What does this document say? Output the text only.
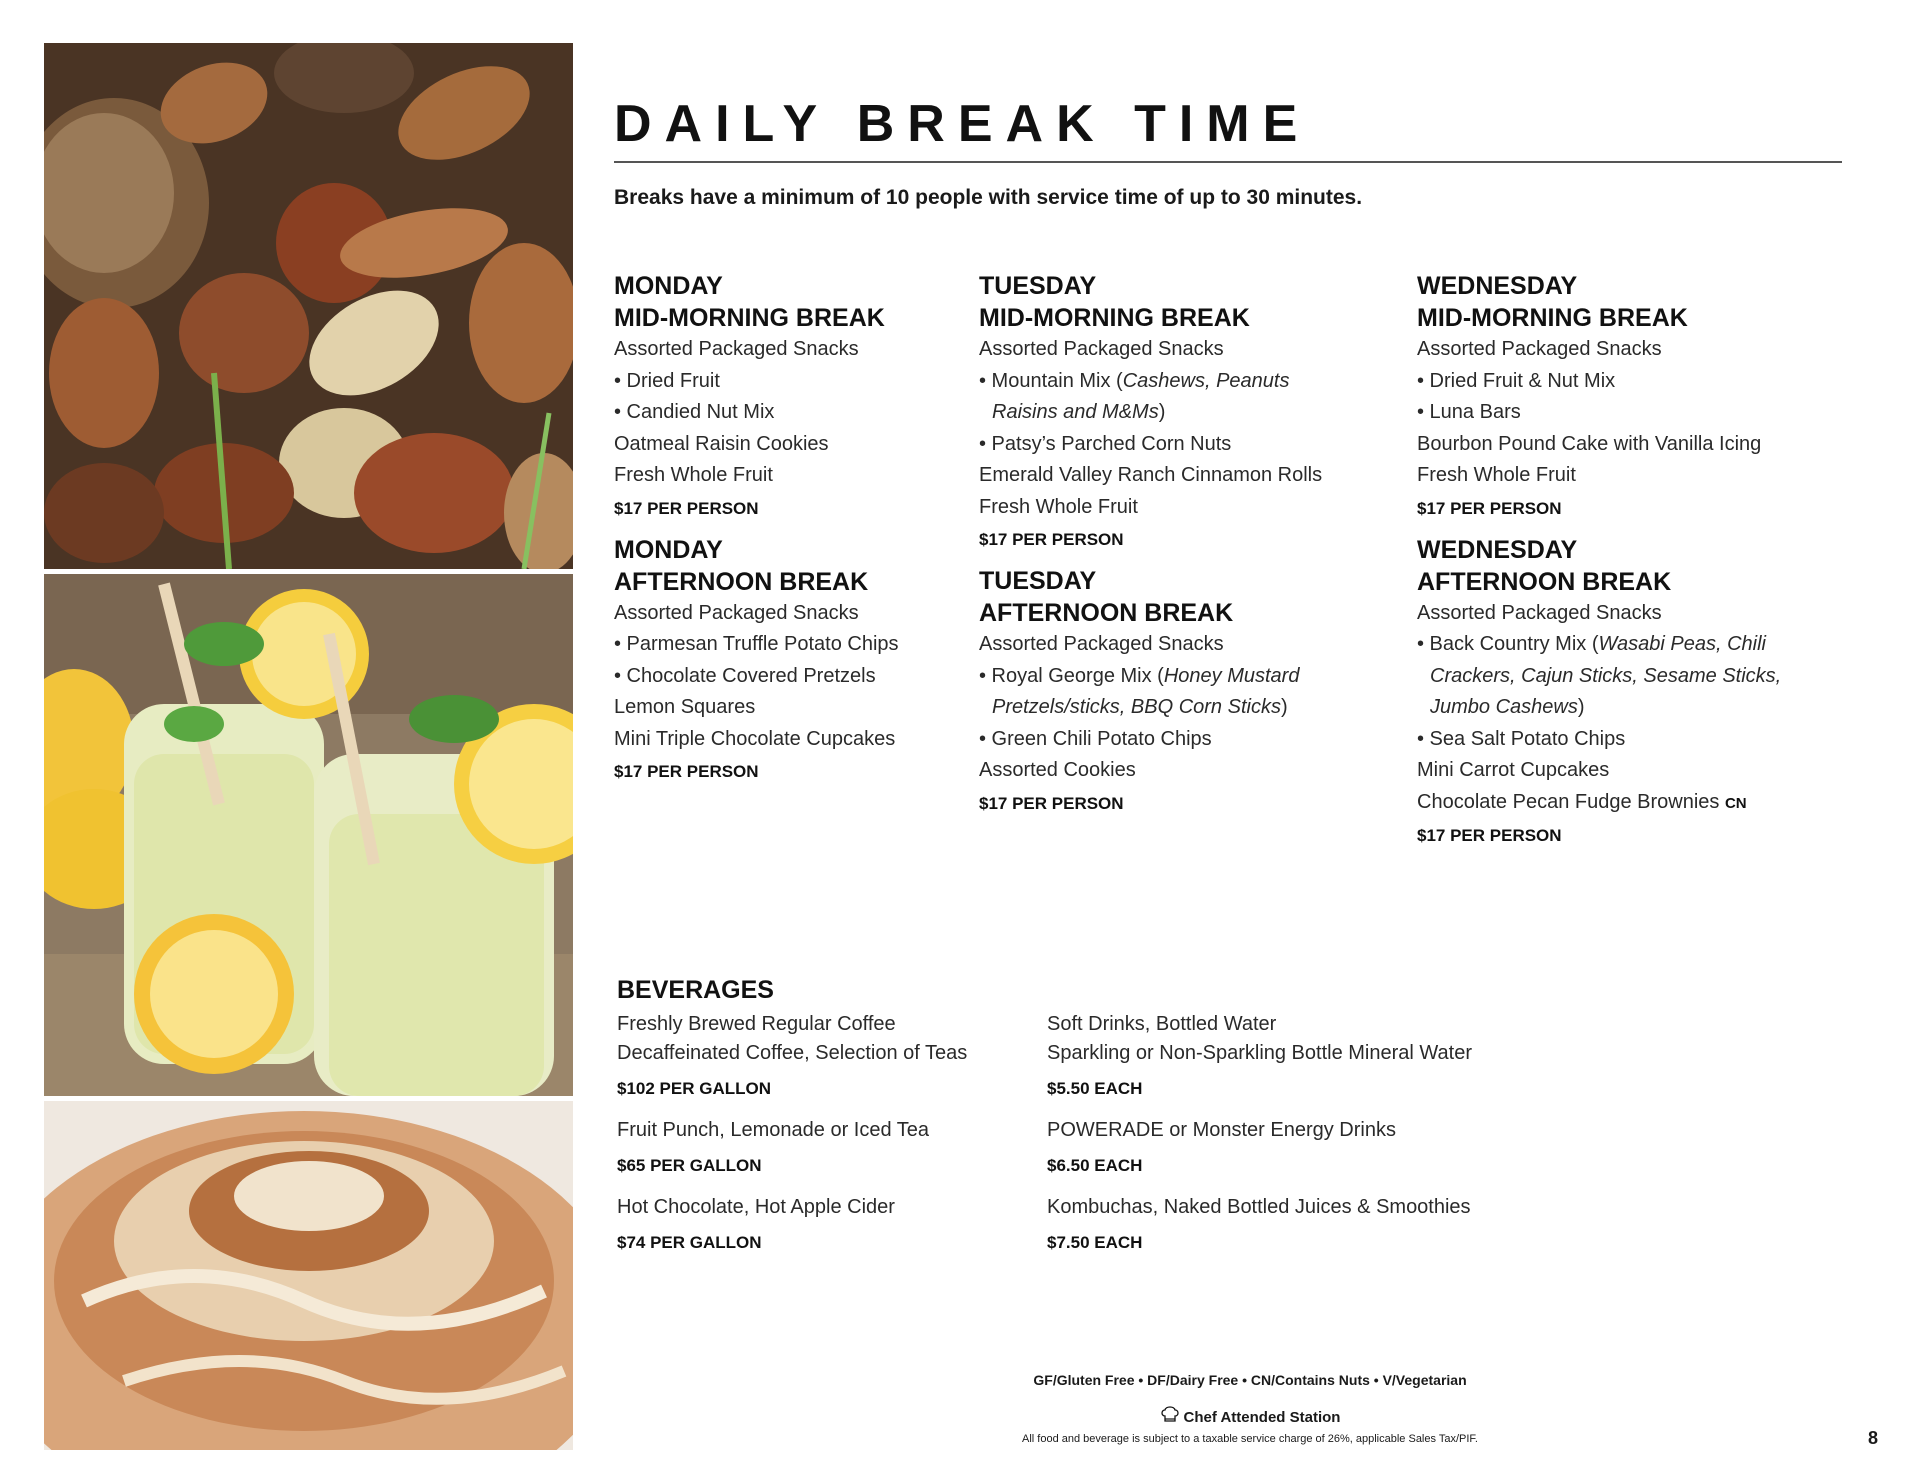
DAILY BREAK TIME
Breaks have a minimum of 10 people with service time of up to 30 minutes.
MONDAY
MID-MORNING BREAK
Assorted Packaged Snacks
• Dried Fruit
• Candied Nut Mix
Oatmeal Raisin Cookies
Fresh Whole Fruit
$17 PER PERSON
MONDAY
AFTERNOON BREAK
Assorted Packaged Snacks
• Parmesan Truffle Potato Chips
• Chocolate Covered Pretzels
Lemon Squares
Mini Triple Chocolate Cupcakes
$17 PER PERSON
TUESDAY
MID-MORNING BREAK
Assorted Packaged Snacks
• Mountain Mix (Cashews, Peanuts
Raisins and M&Ms)
• Patsy’s Parched Corn Nuts
Emerald Valley Ranch Cinnamon Rolls
Fresh Whole Fruit
$17 PER PERSON
TUESDAY
AFTERNOON BREAK
Assorted Packaged Snacks
• Royal George Mix (Honey Mustard
Pretzels/sticks, BBQ Corn Sticks)
• Green Chili Potato Chips
Assorted Cookies
$17 PER PERSON
WEDNESDAY
MID-MORNING BREAK
Assorted Packaged Snacks
• Dried Fruit & Nut Mix
• Luna Bars
Bourbon Pound Cake with Vanilla Icing
Fresh Whole Fruit
$17 PER PERSON
WEDNESDAY
AFTERNOON BREAK
Assorted Packaged Snacks
• Back Country Mix (Wasabi Peas, Chili
Crackers, Cajun Sticks, Sesame Sticks,
Jumbo Cashews)
• Sea Salt Potato Chips
Mini Carrot Cupcakes
Chocolate Pecan Fudge Brownies CN
$17 PER PERSON
BEVERAGES
Freshly Brewed Regular Coffee
Decaffeinated Coffee, Selection of Teas
$102 PER GALLON
Fruit Punch, Lemonade or Iced Tea
$65 PER GALLON
Hot Chocolate, Hot Apple Cider
$74 PER GALLON
Soft Drinks, Bottled Water
Sparkling or Non-Sparkling Bottle Mineral Water
$5.50 EACH
POWERADE or Monster Energy Drinks
$6.50 EACH
Kombuchas, Naked Bottled Juices & Smoothies
$7.50 EACH
GF/Gluten Free • DF/Dairy Free • CN/Contains Nuts • V/Vegetarian
Chef Attended Station
All food and beverage is subject to a taxable service charge of 26%, applicable Sales Tax/PIF.	8
